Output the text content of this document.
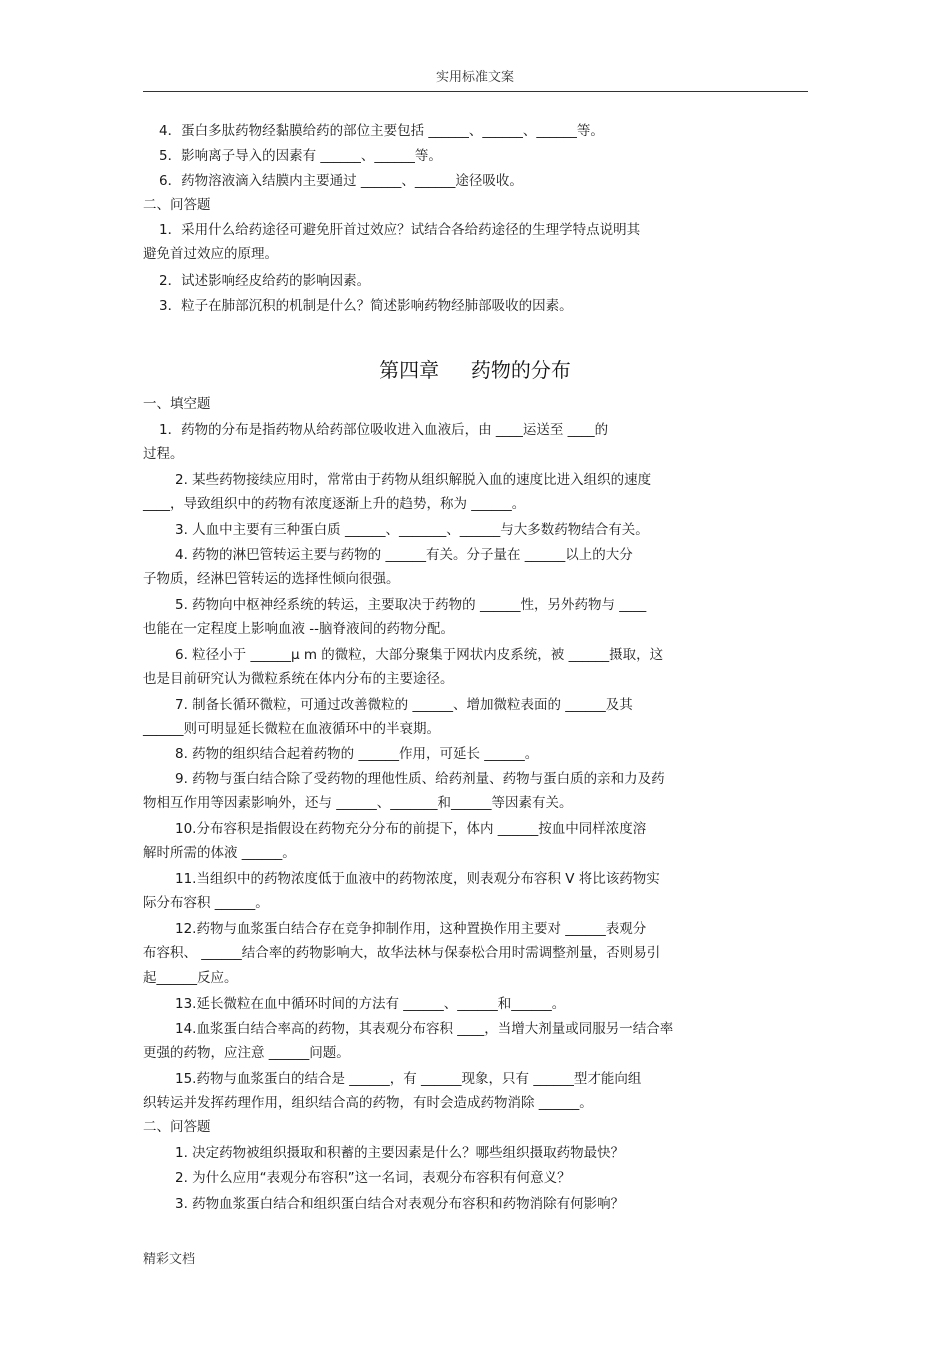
实用标准文案
第四章     药物的分布
4．蛋白多肽药物经黏膜给药的部位主要包括 ______、______、______等。
5．影响离子导入的因素有 ______、______等。
6．药物溶液滴入结膜内主要通过 ______、______途径吸收。
二、问答题
1．采用什么给药途径可避免肝首过效应？试结合各给药途径的生理学特点说明其
避免首过效应的原理。
2．试述影响经皮给药的影响因素。
3．粒子在肺部沉积的机制是什么？简述影响药物经肺部吸收的因素。
一、填空题
1．药物的分布是指药物从给药部位吸收进入血液后，由 ____运送至 ____的
过程。
2. 某些药物接续应用时，常常由于药物从组织解脱入血的速度比进入组织的速度
____，导致组织中的药物有浓度逐渐上升的趋势，称为 ______。
3. 人血中主要有三种蛋白质 ______、_______、______与大多数药物结合有关。
4. 药物的淋巴管转运主要与药物的 ______有关。分子量在 ______以上的大分
子物质，经淋巴管转运的选择性倾向很强。
5. 药物向中枢神经系统的转运，主要取决于药物的 ______性，另外药物与 ____
也能在一定程度上影响血液 --脑脊液间的药物分配。
6. 粒径小于 ______μ m 的微粒，大部分聚集于网状内皮系统，被 ______摄取，这
也是目前研究认为微粒系统在体内分布的主要途径。
7. 制备长循环微粒，可通过改善微粒的 ______、增加微粒表面的 ______及其
______则可明显延长微粒在血液循环中的半衰期。
8. 药物的组织结合起着药物的 ______作用，可延长 ______。
9. 药物与蛋白结合除了受药物的理他性质、给药剂量、药物与蛋白质的亲和力及药
物相互作用等因素影响外，还与 ______、_______和______等因素有关。
10.分布容积是指假设在药物充分分布的前提下，体内 ______按血中同样浓度溶
解时所需的体液 ______。
11.当组织中的药物浓度低于血液中的药物浓度，则表观分布容积 V 将比该药物实
际分布容积 ______。
12.药物与血浆蛋白结合存在竞争抑制作用，这种置换作用主要对 ______表观分
布容积、 ______结合率的药物影响大，故华法林与保泰松合用时需调整剂量，否则易引
起______反应。
13.延长微粒在血中循环时间的方法有 ______、______和______。
14.血浆蛋白结合率高的药物，其表观分布容积 ____，当增大剂量或同服另一结合率
更强的药物，应注意 ______问题。
15.药物与血浆蛋白的结合是 ______，有 ______现象，只有 ______型才能向组
织转运并发挥药理作用，组织结合高的药物，有时会造成药物消除 ______。
二、问答题
1. 决定药物被组织摄取和积蓄的主要因素是什么？哪些组织摄取药物最快？
2. 为什么应用“表观分布容积”这一名词，表观分布容积有何意义？
3. 药物血浆蛋白结合和组织蛋白结合对表观分布容积和药物消除有何影响？
精彩文档
